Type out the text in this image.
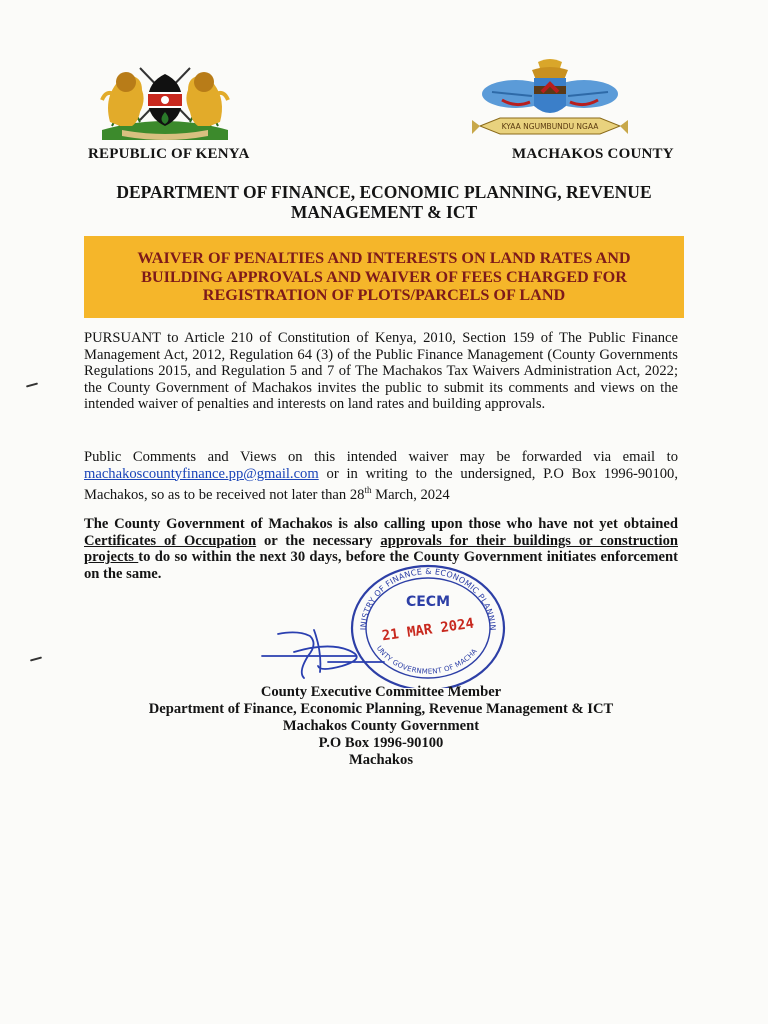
REPUBLIC OF KENYA
KYAA NGUMBUNDU NGAA
MACHAKOS COUNTY
DEPARTMENT OF FINANCE, ECONOMIC PLANNING, REVENUE MANAGEMENT & ICT
WAIVER OF PENALTIES AND INTERESTS ON LAND RATES AND BUILDING APPROVALS AND WAIVER OF FEES CHARGED FOR REGISTRATION OF PLOTS/PARCELS OF LAND
PURSUANT to Article 210 of Constitution of Kenya, 2010, Section 159 of The Public Finance Management Act, 2012, Regulation 64 (3) of the Public Finance Management (County Governments Regulations 2015, and Regulation 5 and 7 of The Machakos Tax Waivers Administration Act, 2022; the County Government of Machakos invites the public to submit its comments and views on the intended waiver of penalties and interests on land rates and building approvals.
Public Comments and Views on this intended waiver may be forwarded via email to machakoscountyfinance.pp@gmail.com or in writing to the undersigned, P.O Box 1996-90100, Machakos, so as to be received not later than 28th March, 2024
The County Government of Machakos is also calling upon those who have not yet obtained Certificates of Occupation or the necessary approvals for their buildings or construction projects to do so within the next 30 days, before the County Government initiates enforcement on the same.
INISTRY OF FINANCE & ECONOMIC PLANNIN
UNTY GOVERNMENT OF MACHA
CECM
21 MAR 2024
County Executive Committee Member
Department of Finance, Economic Planning, Revenue Management & ICT
Machakos County Government
P.O Box 1996-90100
Machakos
